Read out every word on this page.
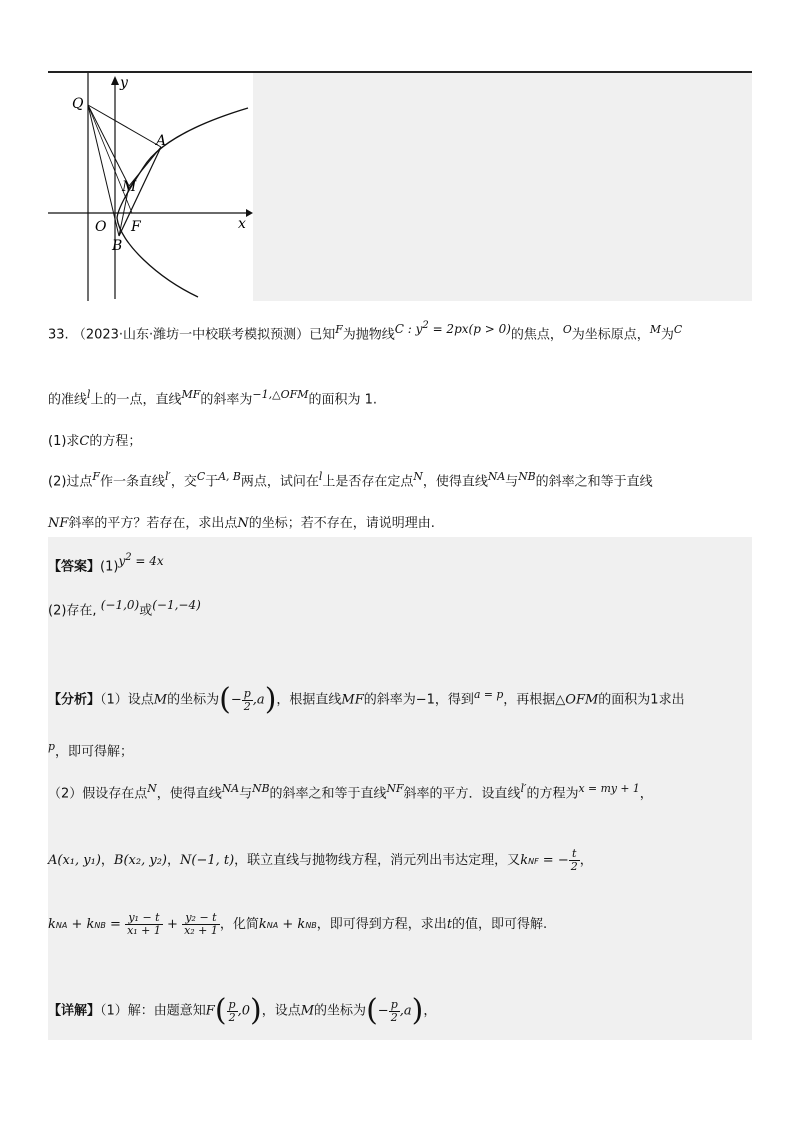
y
x
Q
A
M
O F
B
33. （2023·山东·潍坊一中校联考模拟预测）已知$^F$为抛物线$^{C : y^2 = 2px(p > 0)}$的焦点，$^O$为坐标原点，$^M$为$^C$
的准线$^l$上的一点，直线$^{MF}$的斜率为$^{-1,\triangle OFM}$的面积为 1.
(1)求C的方程；
(2)过点$^F$作一条直线$^{l'}$，交$^C$于$^{A, B}$两点，试问在$^l$上是否存在定点$^N$，使得直线$^{NA}$与$^{NB}$的斜率之和等于直线
NF斜率的平方？若存在，求出点N的坐标；若不存在，请说明理由.
【答案】$(1)^{y^2 = 4x}$
(2)存在, $^{(-1,0)}$或$^{(-1,-4)}$
【分析】（1）设点M的坐标为(− $\frac{p}{2} ,a$)，根据直线MF的斜率为−1，得到$^{a = p}$，再根据△OFM的面积为1求出
$^p$，即可得解；
（2）假设存在点$^N$，使得直线$^{NA}$与$^{NB}$的斜率之和等于直线$^{NF}$斜率的平方．设直线$^{l'}$的方程为$^{x = my + 1}$，
A(x₁, y₁)，B(x₂, y₂)，N(−1, t)，联立直线与抛物线方程，消元列出韦达定理，又kNF = − $\frac{t}{2}$ ，
kNA + kNB = $\frac{\text{y₁ − t}}{\text{x₁ + 1}} + \frac{\text{y₂ − t}}{\text{x₂ + 1}}$ ，化简kNA + kNB，即可得到方程，求出t的值，即可得解.
【详解】（1）解：由题意知$F( \frac{p}{2} ,0)$，设点M的坐标为(− $\frac{p}{2} ,a$)，
